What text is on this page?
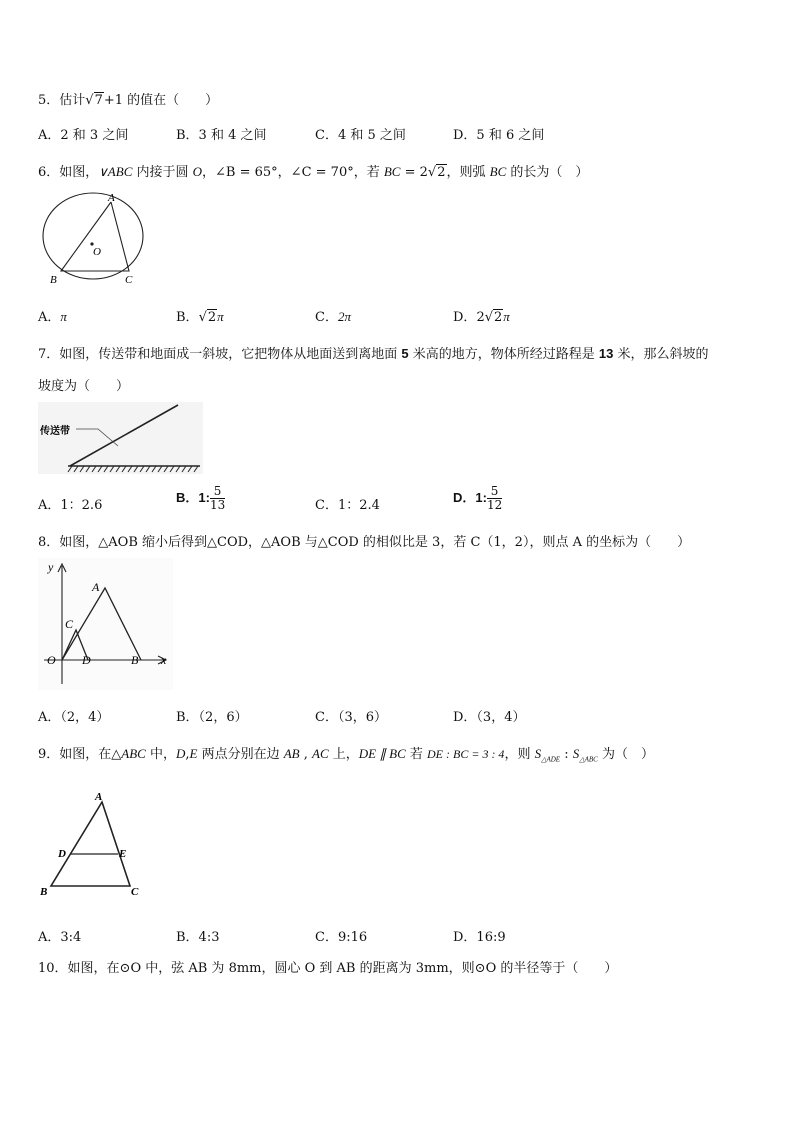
5．估计√7+1 的值在（　　）
A．2 和 3 之间	B．3 和 4 之间	C．4 和 5 之间	D．5 和 6 之间
6．如图，∨ABC 内接于圆 O，∠B = 65°，∠C = 70°，若 BC = 2√2，则弧 BC 的长为（　）
A
B	C
O
A．π	B．√2π	C．2π	D．2√2π
7．如图，传送带和地面成一斜坡，它把物体从地面送到离地面 5 米高的地方，物体所经过路程是 13 米，那么斜坡的
坡度为（　　）
传送带
A．1：2.6
B．1: $\frac{5}{13}$	C．1：2.4
D．1: $\frac{5}{12}$
8．如图，△AOB 缩小后得到△COD，△AOB 与△COD 的相似比是 3，若 C（1，2），则点 A 的坐标为（　　）
y
x
A
C
O D	B
A．（2，4）	B．（2，6）	C．（3，6）	D．（3，4）
9．如图，在△ABC 中，D,E 两点分别在边 AB , AC 上，DE ∥ BC 若 DE : BC = 3 : 4，则 $S_{\triangle ADE}$ : $S_{\triangle ABC}$ 为（　）
A
D	E
B	C
A．3:4	B．4:3	C．9:16	D．16:9
10．如图，在⊙O 中，弦 AB 为 8mm，圆心 O 到 AB 的距离为 3mm，则⊙O 的半径等于（　　）
